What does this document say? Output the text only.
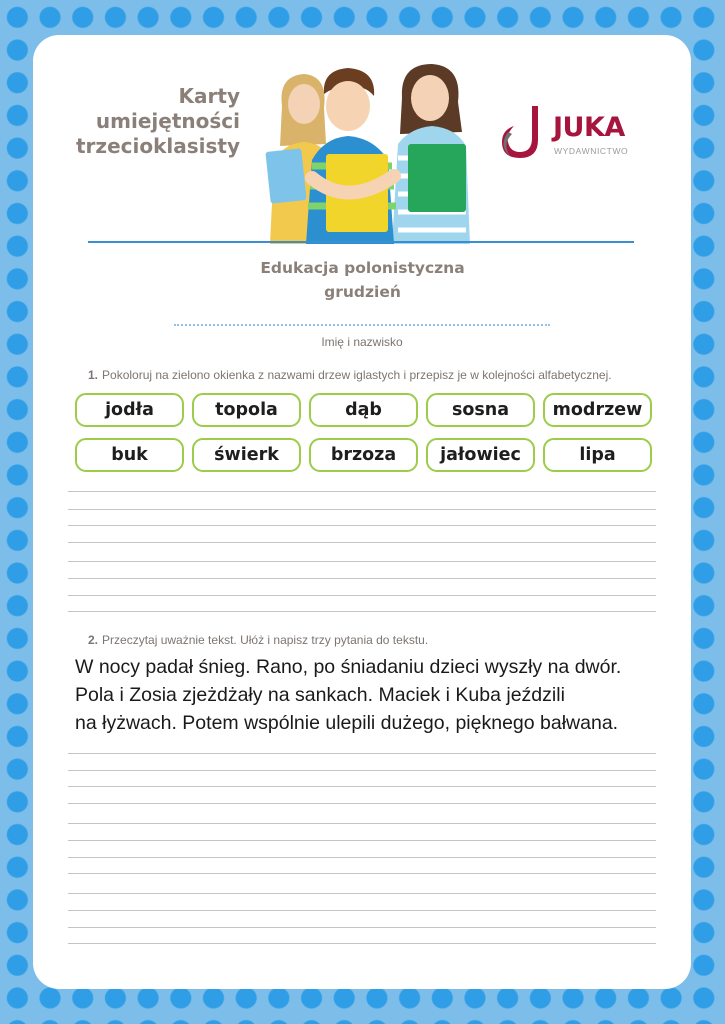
Karty
umiejętności
trzecioklasisty
JUKA
WYDAWNICTWO
Edukacja polonistyczna
grudzień
Imię i nazwisko
1. Pokoloruj na zielono okienka z nazwami drzew iglastych i przepisz je w kolejności alfabetycznej.
jodła	topola	dąb	sosna	modrzew
buk	świerk	brzoza	jałowiec	lipa
2. Przeczytaj uważnie tekst. Ułóż i napisz trzy pytania do tekstu.
W nocy padał śnieg. Rano, po śniadaniu dzieci wyszły na dwór.
Pola i Zosia zjeżdżały na sankach. Maciek i Kuba jeździli
na łyżwach. Potem wspólnie ulepili dużego, pięknego bałwana.
